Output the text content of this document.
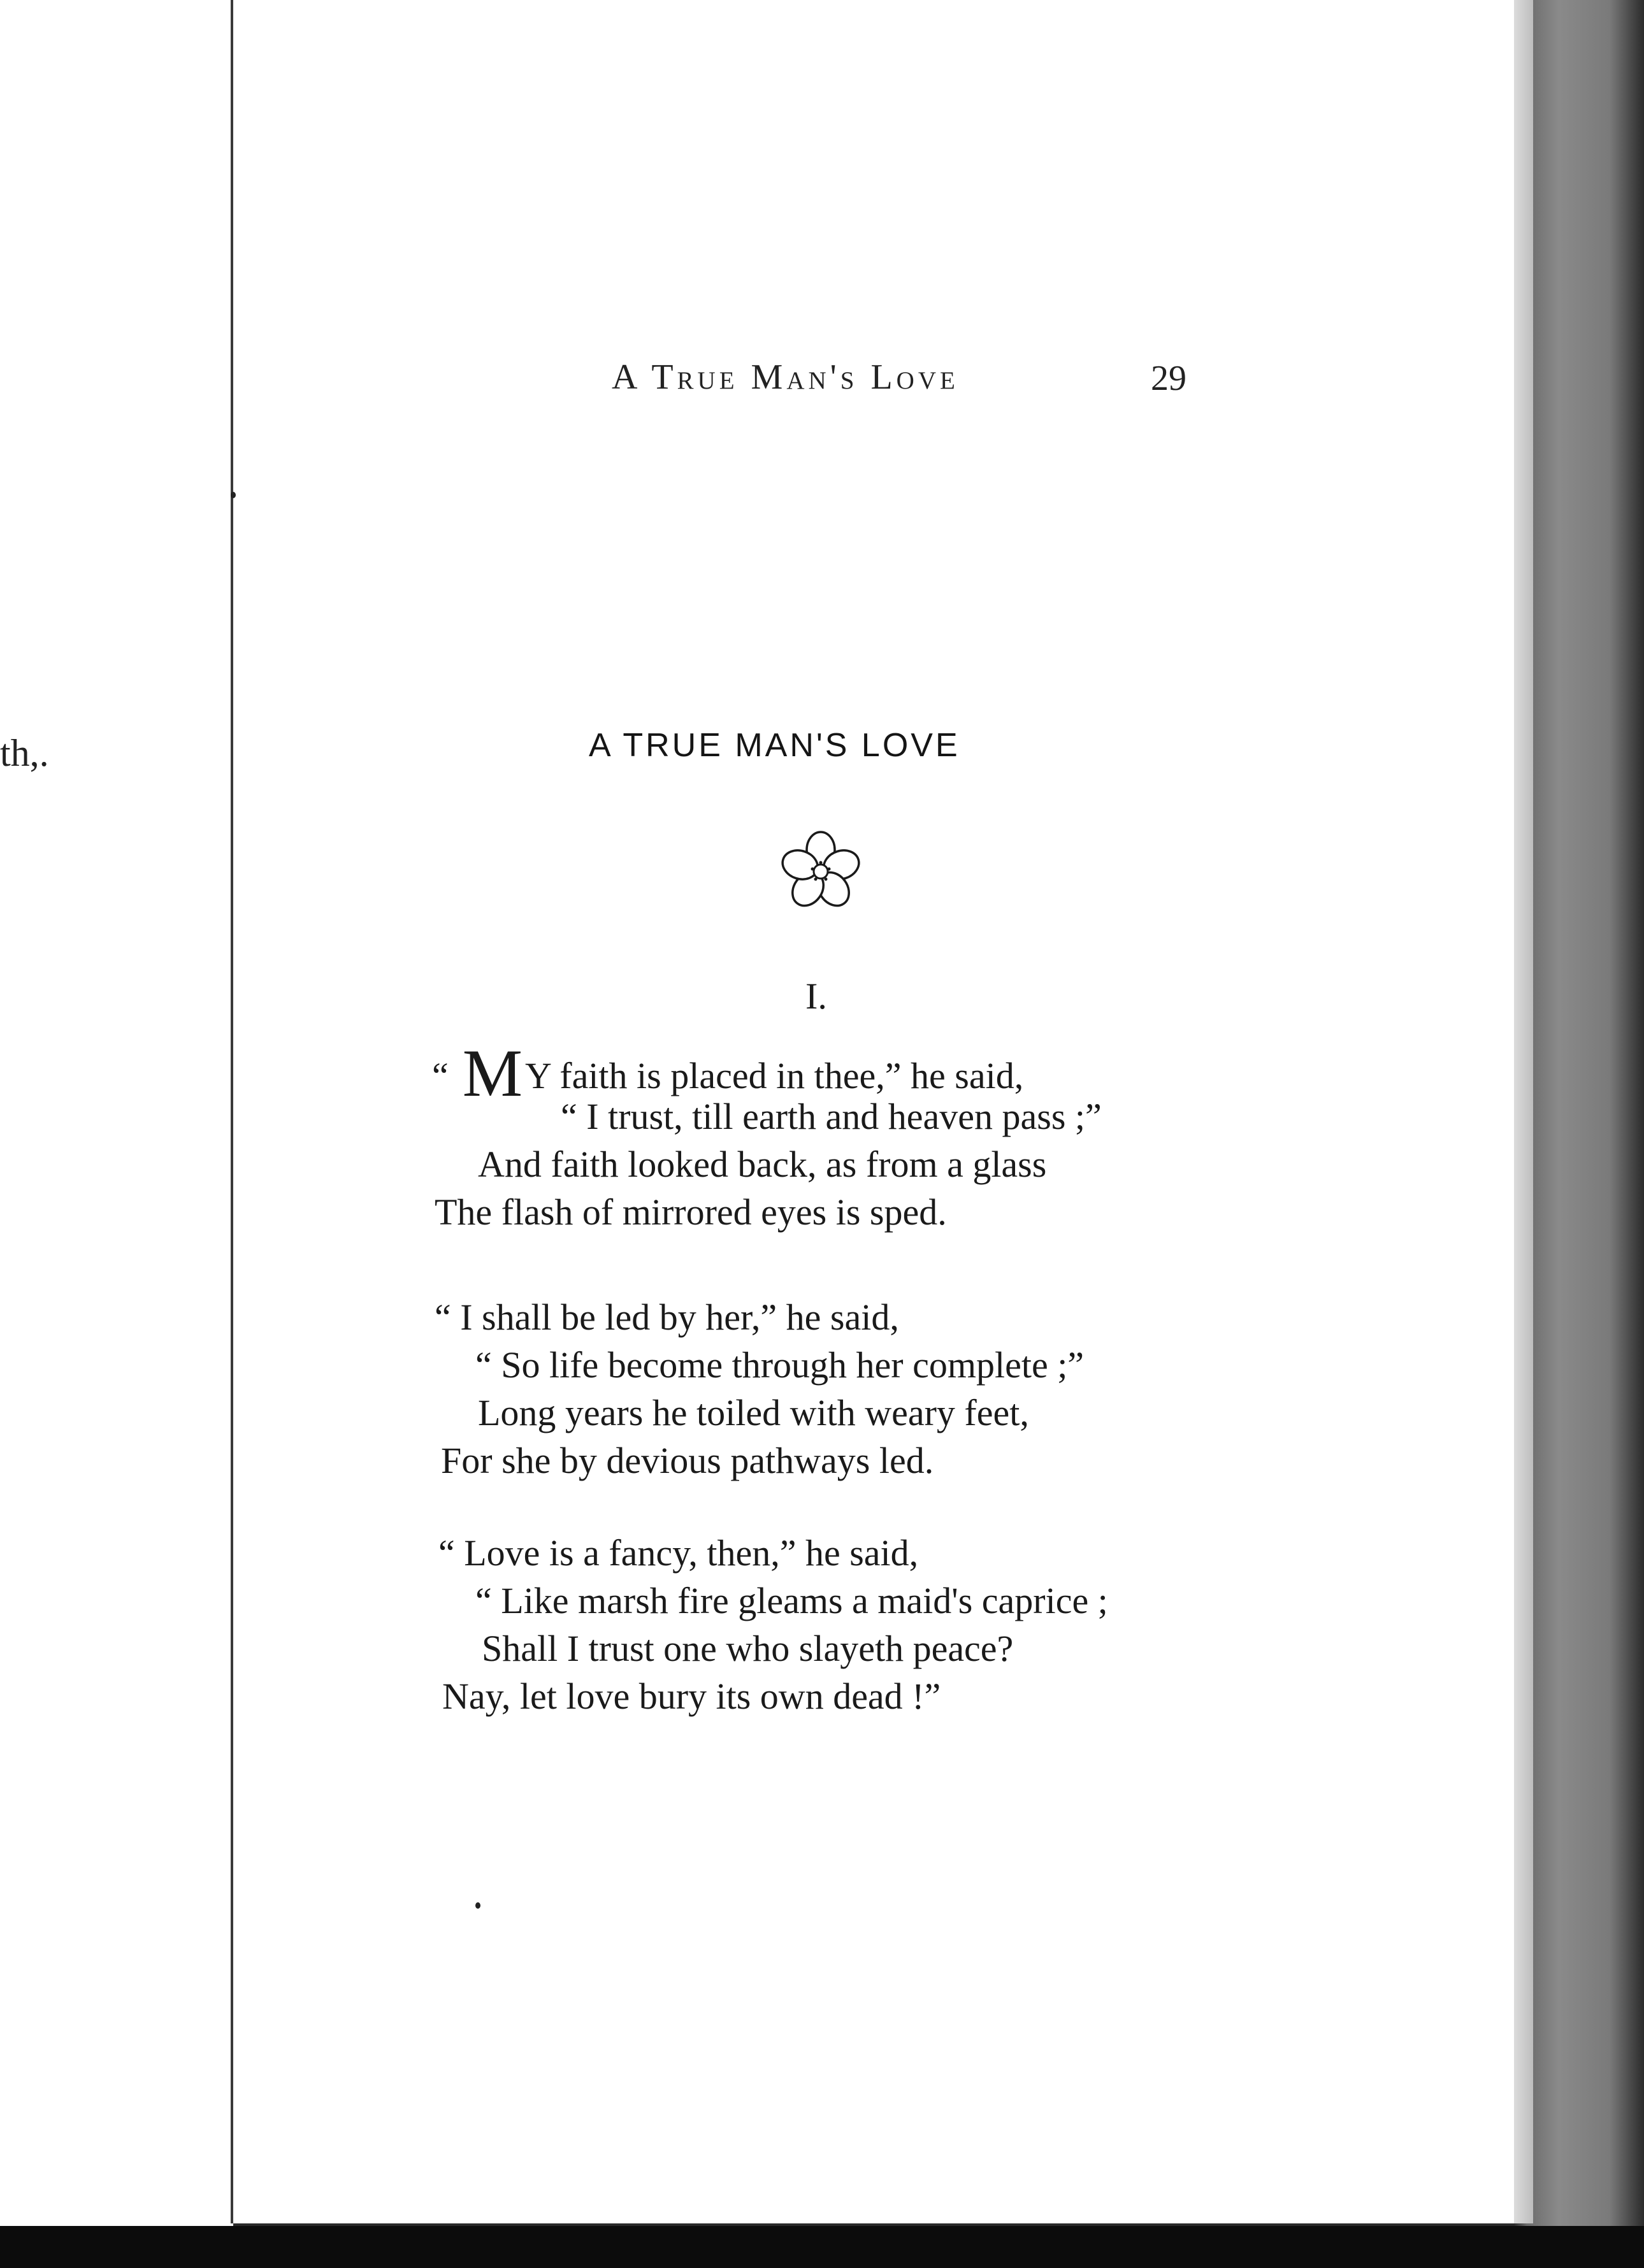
th,.
A True Man's Love	29
A TRUE MAN'S LOVE
I.
“ MY faith is placed in thee,” he said,
“ I trust, till earth and heaven pass ;”
And faith looked back, as from a glass
The flash of mirrored eyes is sped.
“ I shall be led by her,” he said,
“ So life become through her complete ;”
Long years he toiled with weary feet,
For she by devious pathways led.
“ Love is a fancy, then,” he said,
“ Like marsh fire gleams a maid's caprice ;
Shall I trust one who slayeth peace?
Nay, let love bury its own dead !”
